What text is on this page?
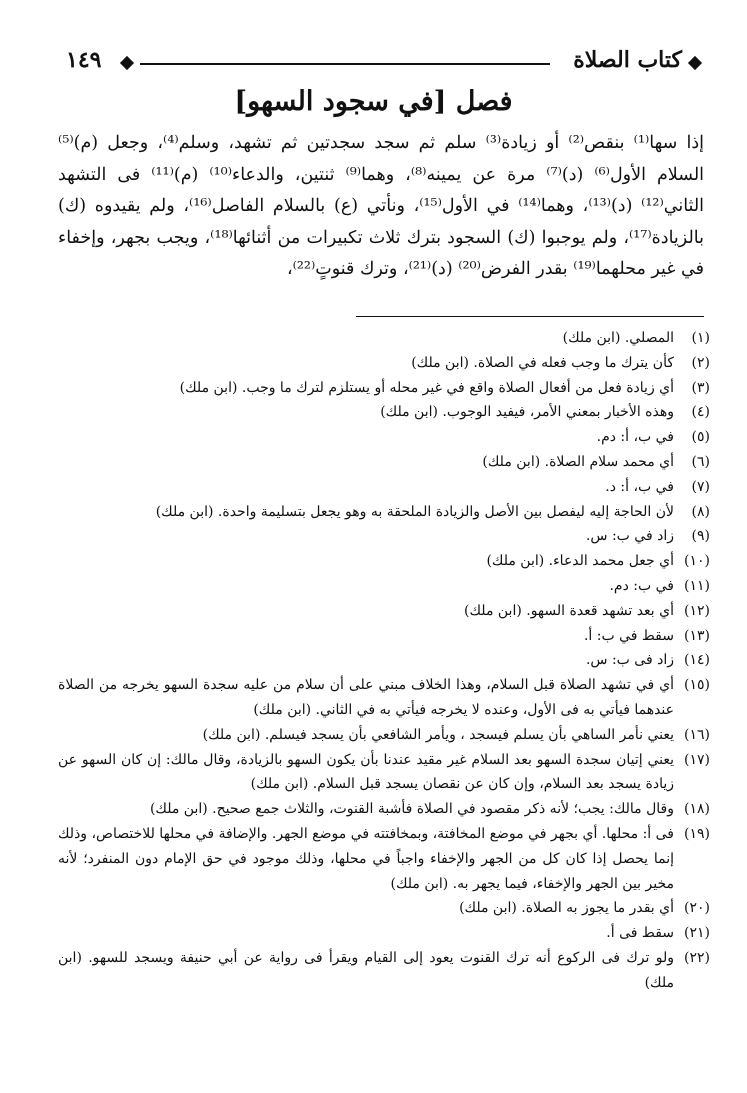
كتاب الصلاة
١٤٩
فصل [في سجود السهو]

إذا سها⁽¹⁾ بنقص⁽²⁾ أو زيادة⁽³⁾ سلم ثم سجد سجدتين ثم تشهد، وسلم⁽⁴⁾، وجعل (م)⁽⁵⁾ السلام الأول⁽⁶⁾ (د)⁽⁷⁾ مرة عن يمينه⁽⁸⁾، وهما⁽⁹⁾ ثنتين، والدعاء⁽¹⁰⁾ (م)⁽¹¹⁾ فى التشهد الثاني⁽¹²⁾ (د)⁽¹³⁾، وهما⁽¹⁴⁾ في الأول⁽¹⁵⁾، ونأتي (ع) بالسلام الفاصل⁽¹⁶⁾، ولم يقيدوه (ك) بالزيادة⁽¹⁷⁾، ولم يوجبوا (ك) السجود بترك ثلاث تكبيرات من أثنائها⁽¹⁸⁾، ويجب بجهر، وإخفاء في غير محلهما⁽¹⁹⁾ بقدر الفرض⁽²⁰⁾ (د)⁽²¹⁾، وترك قنوتٍ⁽²²⁾،

(١)
المصلي. (ابن ملك)
(٢)
كأن يترك ما وجب فعله في الصلاة. (ابن ملك)
(٣)
أي زيادة فعل من أفعال الصلاة واقع في غير محله أو يستلزم لترك ما وجب. (ابن ملك)
(٤)
وهذه الأخبار بمعني الأمر، فيفيد الوجوب. (ابن ملك)
(٥)
في ب، أ: دم.
(٦)
أي محمد سلام الصلاة. (ابن ملك)
(٧)
في ب، أ: د.
(٨)
لأن الحاجة إليه ليفصل بين الأصل والزيادة الملحقة به وهو يجعل بتسليمة واحدة. (ابن ملك)
(٩)
زاد في ب: س.
(١٠)
أي جعل محمد الدعاء. (ابن ملك)
(١١)
في ب: دم.
(١٢)
أي بعد تشهد قعدة السهو. (ابن ملك)
(١٣)
سقط في ب: أ.
(١٤)
زاد فى ب: س.
(١٥)
أي في تشهد الصلاة قبل السلام، وهذا الخلاف مبني على أن سلام من عليه سجدة السهو يخرجه من الصلاة عندهما فيأتي به فى الأول، وعنده لا يخرجه فيأتي به في الثاني. (ابن ملك)
(١٦)
يعني نأمر الساهي بأن يسلم فيسجد ، ويأمر الشافعي بأن يسجد فيسلم. (ابن ملك)
(١٧)
يعني إتيان سجدة السهو بعد السلام غير مقيد عندنا بأن يكون السهو بالزيادة، وقال مالك: إن كان السهو عن زيادة يسجد بعد السلام، وإن كان عن نقصان يسجد قبل السلام. (ابن ملك)
(١٨)
وقال مالك: يجب؛ لأنه ذكر مقصود في الصلاة فأشبة القنوت، والثلاث جمع صحيح. (ابن ملك)
(١٩)
فى أ: محلها. أي بجهر في موضع المخافتة، وبمخافتته في موضع الجهر. والإضافة في محلها للاختصاص، وذلك إنما يحصل إذا كان كل من الجهر والإخفاء واجباً في محلها، وذلك موجود في حق الإمام دون المنفرد؛ لأنه مخير بين الجهر والإخفاء، فيما يجهر به. (ابن ملك)
(٢٠)
أي بقدر ما يجوز به الصلاة. (ابن ملك)
(٢١)
سقط فى أ.
(٢٢)
ولو ترك فى الركوع أنه ترك القنوت يعود إلى القيام ويقرأ فى رواية عن أبي حنيفة ويسجد للسهو. (ابن ملك)
